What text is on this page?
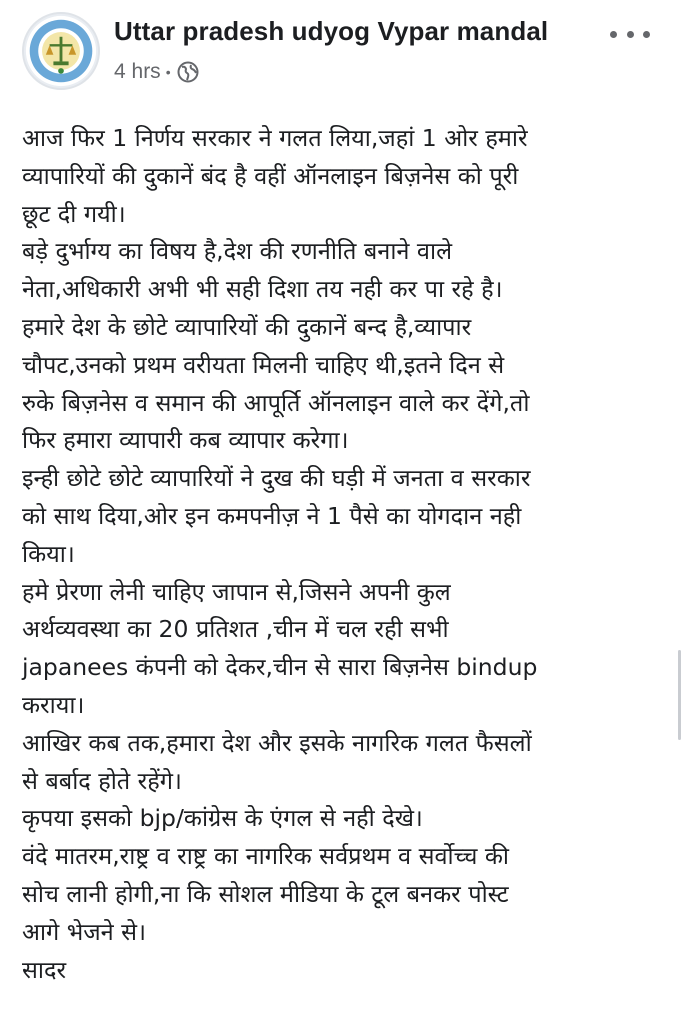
Uttar pradesh udyog Vypar mandal
4 hrs •
आज फिर 1 निर्णय सरकार ने गलत लिया,जहां 1 ओर हमारे
व्यापारियों की दुकानें बंद है वहीं ऑनलाइन बिज़नेस को पूरी
छूट दी गयी।
बड़े दुर्भाग्य का विषय है,देश की रणनीति बनाने वाले
नेता,अधिकारी अभी भी सही दिशा तय नही कर पा रहे है।
हमारे देश के छोटे व्यापारियों की दुकानें बन्द है,व्यापार
चौपट,उनको प्रथम वरीयता मिलनी चाहिए थी,इतने दिन से
रुके बिज़नेस व समान की आपूर्ति ऑनलाइन वाले कर देंगे,तो
फिर हमारा व्यापारी कब व्यापार करेगा।
इन्ही छोटे छोटे व्यापारियों ने दुख की घड़ी में जनता व सरकार
को साथ दिया,ओर इन कमपनीज़ ने 1 पैसे का योगदान नही
किया।
हमे प्रेरणा लेनी चाहिए जापान से,जिसने अपनी कुल
अर्थव्यवस्था का 20 प्रतिशत ,चीन में चल रही सभी
japanees कंपनी को देकर,चीन से सारा बिज़नेस bindup
कराया।
आखिर कब तक,हमारा देश और इसके नागरिक गलत फैसलों
से बर्बाद होते रहेंगे।
कृपया इसको bjp/कांग्रेस के एंगल से नही देखे।
वंदे मातरम,राष्ट्र व राष्ट्र का नागरिक सर्वप्रथम व सर्वोच्च की
सोच लानी होगी,ना कि सोशल मीडिया के टूल बनकर पोस्ट
आगे भेजने से।
सादर
